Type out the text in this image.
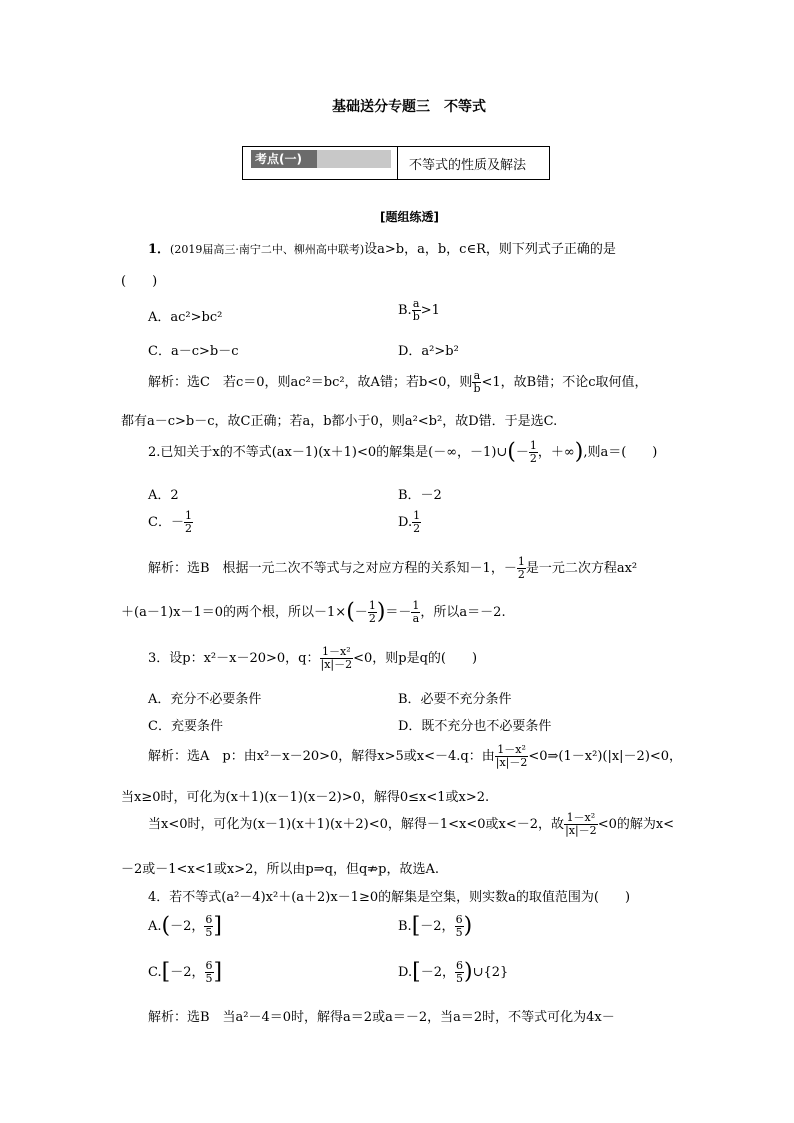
基础送分专题三　不等式
考点(一)	不等式的性质及解法
[题组练透]
1．(2019届高三·南宁二中、柳州高中联考)设a>b，a，b，c∈R，则下列式子正确的是
(　　)
A．ac²>bc²	B. $\frac{a}{b} >1$
C．a－c>b－c	D．a²>b²
解析：选C　若c＝0，则ac²＝bc²，故A错；若b<0，则 $\frac{a}{b} <1$，故B错；不论c取何值，
都有a－c>b－c，故C正确；若a，b都小于0，则a²<b²，故D错．于是选C.
2.已知关于x的不等式(ax－1)(x＋1)<0的解集是(－∞，－1)∪(－ $\frac{1}{2}$ ，＋∞),则a＝(　　)
A．2	B．－2
C．－ $\frac{1}{2}$	D. $\frac{1}{2}$
解析：选B　根据一元二次不等式与之对应方程的关系知－1，－ $\frac{1}{2}$ 是一元二次方程ax²
＋(a－1)x－1＝0的两个根，所以$-1\times(- \frac{1}{2}$ )＝－ $\frac{1}{a}$ ，所以a＝－2.
3．设p：x²－x－20>0，q： $\frac{\text{1－x²}}{|x|-2} <0$，则p是q的(　　)
A．充分不必要条件	B．必要不充分条件
C．充要条件	D．既不充分也不必要条件
解析：选A　p：由x²－x－20>0，解得x>5或x<－4.q：由 $\frac{\text{1－x²}}{|x|-2}$ <0⇒(1－x²)(|x|－2)<0，
当x≥0时，可化为(x＋1)(x－1)(x－2)>0，解得0≤x<1或x>2.
当x<0时，可化为(x－1)(x＋1)(x＋2)<0，解得－1<x<0或x<－2，故 $\frac{\text{1－x²}}{|x|-2} <0$的解为x<
－2或－1<x<1或x>2，所以由p⇒q，但q⇏p，故选A.
4．若不等式(a²－4)x²＋(a＋2)x－1≥0的解集是空集，则实数a的取值范围为(　　)
A.(－2， $\frac{6}{5}$ ]	B.[－2， $\frac{6}{5}$ )
C.[－2， $\frac{6}{5}$ ]	D.[－2， $\frac{6}{5}$ )∪{2}
解析：选B　当a²－4＝0时，解得a＝2或a＝－2，当a＝2时，不等式可化为4x－
